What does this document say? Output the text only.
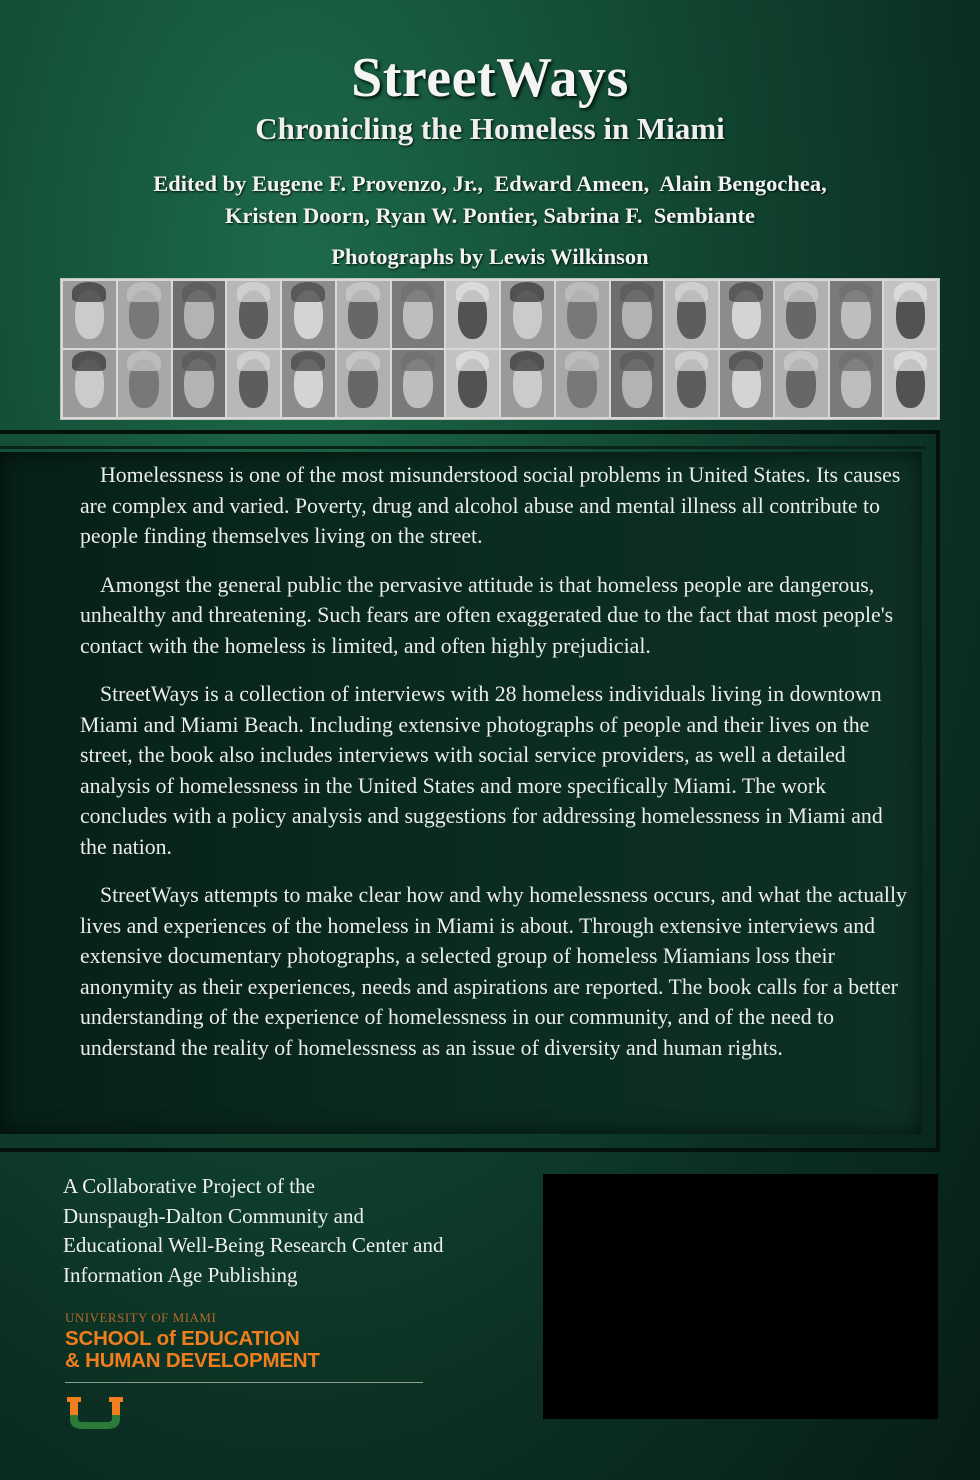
StreetWays
Chronicling the Homeless in Miami
Edited by Eugene F. Provenzo, Jr.,  Edward Ameen,  Alain Bengochea,
Kristen Doorn, Ryan W. Pontier, Sabrina F.  Sembiante
Photographs by Lewis Wilkinson

Homelessness is one of the most misunderstood social problems in United States. Its causes are complex and varied. Poverty, drug and alcohol abuse and mental illness all contribute to people finding themselves living on the street.

Amongst the general public the pervasive attitude is that homeless people are dangerous, unhealthy and threatening. Such fears are often exaggerated due to the fact that most people's contact with the homeless is limited, and often highly prejudicial.

StreetWays is a collection of interviews with 28 homeless individuals living in downtown Miami and Miami Beach. Including extensive photographs of people and their lives on the street, the book also includes interviews with social service providers, as well a detailed analysis of homelessness in the United States and more specifically Miami. The work concludes with a policy analysis and suggestions for addressing homelessness in Miami and the nation.

StreetWays attempts to make clear how and why homelessness occurs, and what the actually lives and experiences of the homeless in Miami is about. Through extensive interviews and extensive documentary photographs, a selected group of homeless Miamians loss their anonymity as their experiences, needs and aspirations are reported. The book calls for a better understanding of the experience of homelessness in our community, and of the need to understand the reality of homelessness as an issue of diversity and human rights.

A Collaborative Project of the
Dunspaugh-Dalton Community and
Educational Well-Being Research Center and
Information Age Publishing
UNIVERSITY OF MIAMI
SCHOOL of EDUCATION
& HUMAN DEVELOPMENT
